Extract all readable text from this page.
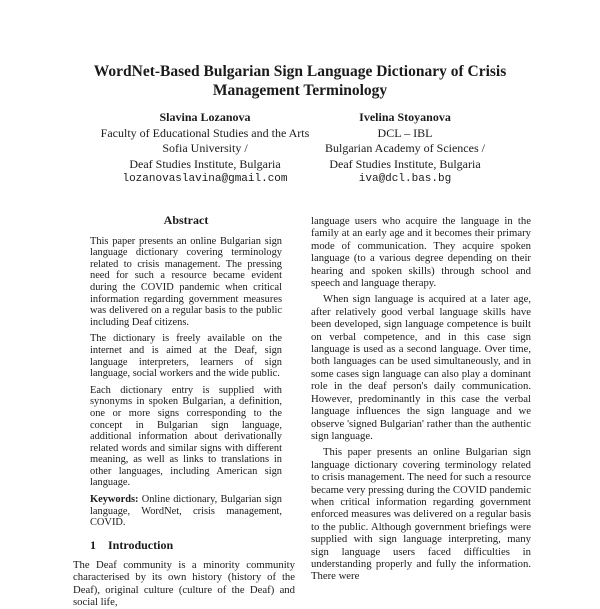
WordNet-Based Bulgarian Sign Language Dictionary of Crisis Management Terminology
Slavina Lozanova
Faculty of Educational Studies and the Arts
Sofia University /
Deaf Studies Institute, Bulgaria
lozanovaslavina@gmail.com
Ivelina Stoyanova
DCL – IBL
Bulgarian Academy of Sciences /
Deaf Studies Institute, Bulgaria
iva@dcl.bas.bg
Abstract

This paper presents an online Bulgarian sign language dictionary covering terminology related to crisis management. The pressing need for such a resource became evident during the COVID pandemic when critical information regarding government measures was delivered on a regular basis to the public including Deaf citizens.

The dictionary is freely available on the internet and is aimed at the Deaf, sign language interpreters, learners of sign language, social workers and the wide public.

Each dictionary entry is supplied with synonyms in spoken Bulgarian, a definition, one or more signs corresponding to the concept in Bulgarian sign language, additional information about derivationally related words and similar signs with different meaning, as well as links to translations in other languages, including American sign language.

Keywords: Online dictionary, Bulgarian sign language, WordNet, crisis management, COVID.

1 Introduction

The Deaf community is a minority community characterised by its own history (history of the Deaf), original culture (culture of the Deaf) and social life,

language users who acquire the language in the family at an early age and it becomes their primary mode of communication. They acquire spoken language (to a various degree depending on their hearing and spoken skills) through school and speech and language therapy.

When sign language is acquired at a later age, after relatively good verbal language skills have been developed, sign language competence is built on verbal competence, and in this case sign language is used as a second language. Over time, both languages can be used simultaneously, and in some cases sign language can also play a dominant role in the deaf person's daily communication. However, predominantly in this case the verbal language influences the sign language and we observe 'signed Bulgarian' rather than the authentic sign language.

This paper presents an online Bulgarian sign language dictionary covering terminology related to crisis management. The need for such a resource became very pressing during the COVID pandemic when critical information regarding government enforced measures was delivered on a regular basis to the public. Although government briefings were supplied with sign language interpreting, many sign language users faced difficulties in understanding properly and fully the information. There were
